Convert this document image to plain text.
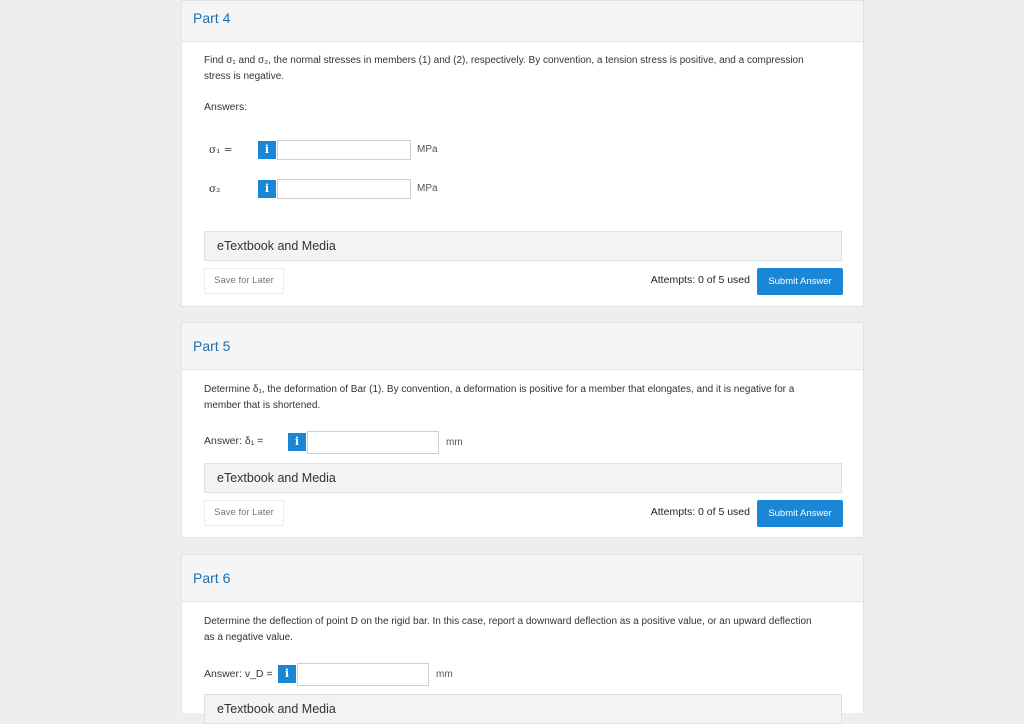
Part 4
Find σ₁ and σ₂, the normal stresses in members (1) and (2), respectively. By convention, a tension stress is positive, and a compression stress is negative.
Answers:
σ₁ =	i	MPa
σ₂	i	MPa
eTextbook and Media
Save for Later	Attempts: 0 of 5 used	Submit Answer
Part 5
Determine δ₁, the deformation of Bar (1). By convention, a deformation is positive for a member that elongates, and it is negative for a member that is shortened.
Answer: δ₁ =	i	mm
eTextbook and Media
Save for Later	Attempts: 0 of 5 used	Submit Answer
Part 6
Determine the deflection of point D on the rigid bar. In this case, report a downward deflection as a positive value, or an upward deflection as a negative value.
Answer: v_D =	i	mm
eTextbook and Media
